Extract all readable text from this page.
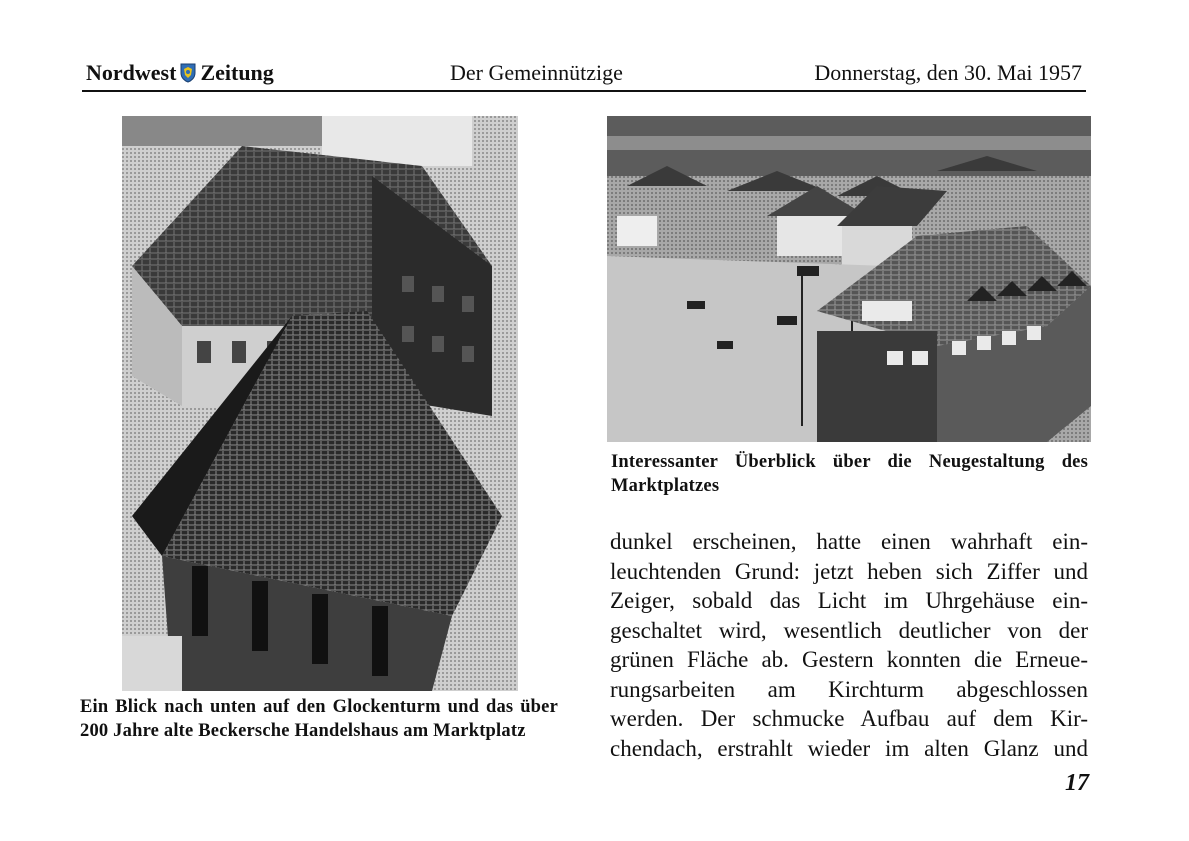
Nordwest Zeitung	Der Gemeinnützige	Donnerstag, den 30. Mai 1957
Ein Blick nach unten auf den Glockenturm und das über 200 Jahre alte Beckersche Handelshaus am Marktplatz
Interessanter Überblick über die Neugestaltung des Marktplatzes
dunkel erscheinen, hatte einen wahrhaft ein-
leuchtenden Grund: jetzt heben sich Ziffer und
Zeiger, sobald das Licht im Uhrgehäuse ein-
geschaltet wird, wesentlich deutlicher von der
grünen Fläche ab. Gestern konnten die Erneue-
rungsarbeiten am Kirchturm abgeschlossen
werden. Der schmucke Aufbau auf dem Kir-
chendach, erstrahlt wieder im alten Glanz und
17
